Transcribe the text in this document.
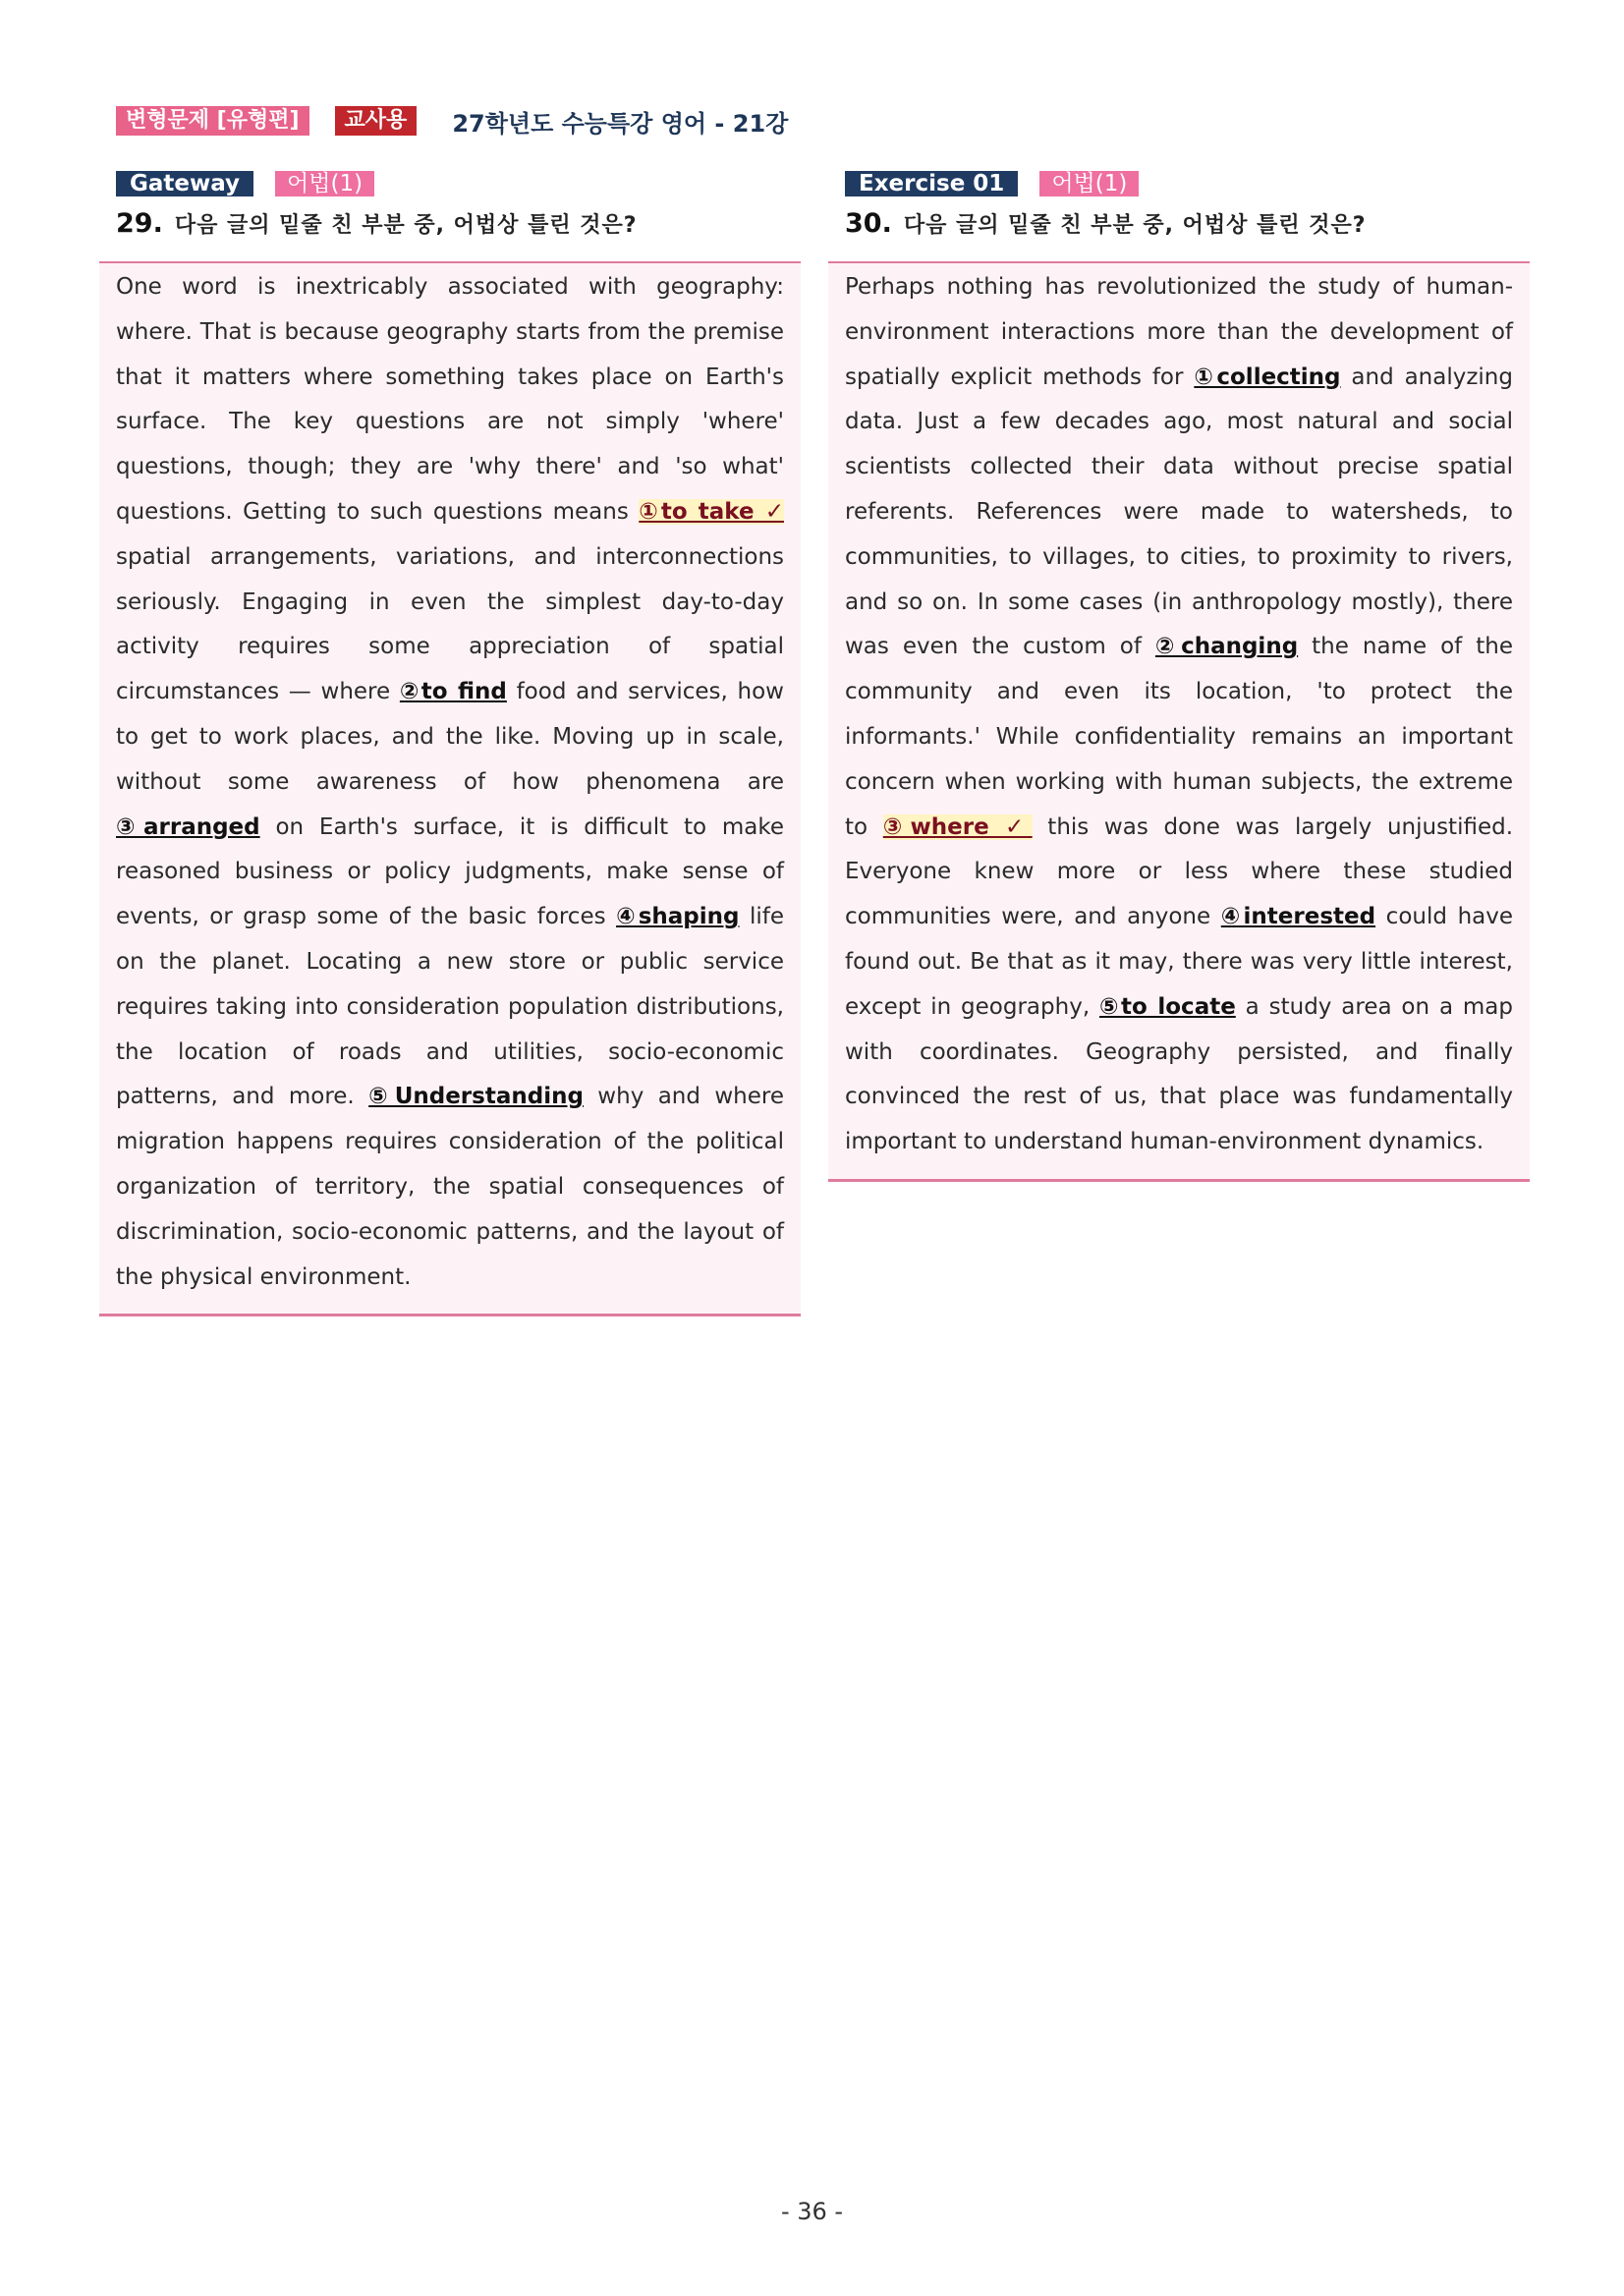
변형문제 [유형편]	교사용	27학년도 수능특강 영어 - 21강
Gateway	어법(1)
29. 다음 글의 밑줄 친 부분 중, 어법상 틀린 것은?

One word is inextricably associated with geography: where. That is because geography starts from the premise that it matters where something takes place on Earth's surface. The key questions are not simply 'where' questions, though; they are 'why there' and 'so what' questions. Getting to such questions means ①to take ✓ spatial arrangements, variations, and interconnections seriously. Engaging in even the simplest day-to-day activity requires some appreciation of spatial circumstances — where ②to find food and services, how to get to work places, and the like. Moving up in scale, without some awareness of how phenomena are ③arranged on Earth's surface, it is difficult to make reasoned business or policy judgments, make sense of events, or grasp some of the basic forces ④shaping life on the planet. Locating a new store or public service requires taking into consideration population distributions, the location of roads and utilities, socio-economic patterns, and more. ⑤Understanding why and where migration happens requires consideration of the political organization of territory, the spatial consequences of discrimination, socio-economic patterns, and the layout of the physical environment.

Exercise 01	어법(1)
30. 다음 글의 밑줄 친 부분 중, 어법상 틀린 것은?

Perhaps nothing has revolutionized the study of human-environment interactions more than the development of spatially explicit methods for ①collecting and analyzing data. Just a few decades ago, most natural and social scientists collected their data without precise spatial referents. References were made to watersheds, to communities, to villages, to cities, to proximity to rivers, and so on. In some cases (in anthropology mostly), there was even the custom of ②changing the name of the community and even its location, 'to protect the informants.' While confidentiality remains an important concern when working with human subjects, the extreme to ③where ✓ this was done was largely unjustified. Everyone knew more or less where these studied communities were, and anyone ④interested could have found out. Be that as it may, there was very little interest, except in geography, ⑤to locate a study area on a map with coordinates. Geography persisted, and finally convinced the rest of us, that place was fundamentally important to understand human-environment dynamics.

- 36 -
